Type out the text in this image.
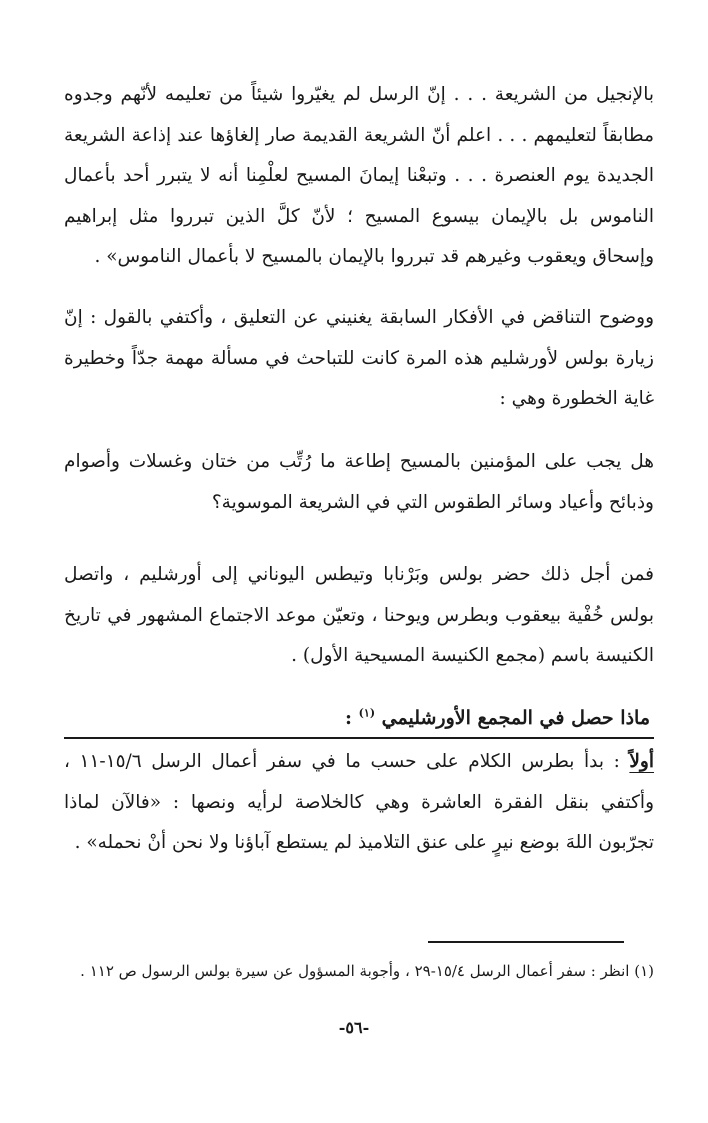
بالإنجيل من الشريعة . . . إنّ الرسل لم يغيّروا شيئاً من تعليمه لأنّهم وجدوه مطابقاً لتعليمهم . . . اعلم أنّ الشريعة القديمة صار إلغاؤها عند إذاعة الشريعة الجديدة يوم العنصرة . . . وتبعْنا إيمانَ المسيح لعلْمِنا أنه لا يتبرر أحد بأعمال الناموس بل بالإيمان بيسوع المسيح ؛ لأنّ كلَّ الذين تبرروا مثل إبراهيم وإسحاق ويعقوب وغيرهم قد تبرروا بالإيمان بالمسيح لا بأعمال الناموس» .

ووضوح التناقض في الأفكار السابقة يغنيني عن التعليق ، وأكتفي بالقول : إنّ زيارة بولس لأورشليم هذه المرة كانت للتباحث في مسألة مهمة جدّاً وخطيرة غاية الخطورة وهي :

هل يجب على المؤمنين بالمسيح إطاعة ما رُتِّب من ختان وغسلات وأصوام وذبائح وأعياد وسائر الطقوس التي في الشريعة الموسوية؟

فمن أجل ذلك حضر بولس وبَرْنابا وتيطس اليوناني إلى أورشليم ، واتصل بولس خُفْية بيعقوب وبطرس ويوحنا ، وتعيّن موعد الاجتماع المشهور في تاريخ الكنيسة باسم (مجمع الكنيسة المسيحية الأول) .

ماذا حصل في المجمع الأورشليمي $^{(١)}$ :

أولاً : بدأ بطرس الكلام على حسب ما في سفر أعمال الرسل ١٥/٦-١١ ، وأكتفي بنقل الفقرة العاشرة وهي كالخلاصة لرأيه ونصها : «فالآن لماذا تجرّبون اللهَ بوضع نيرٍ على عنق التلاميذ لم يستطع آباؤنا ولا نحن أنْ نحمله» .

(١) انظر : سفر أعمال الرسل ١٥/٤-٢٩ ، وأجوبة المسؤول عن سيرة بولس الرسول ص ١١٢ .

-٥٦-
